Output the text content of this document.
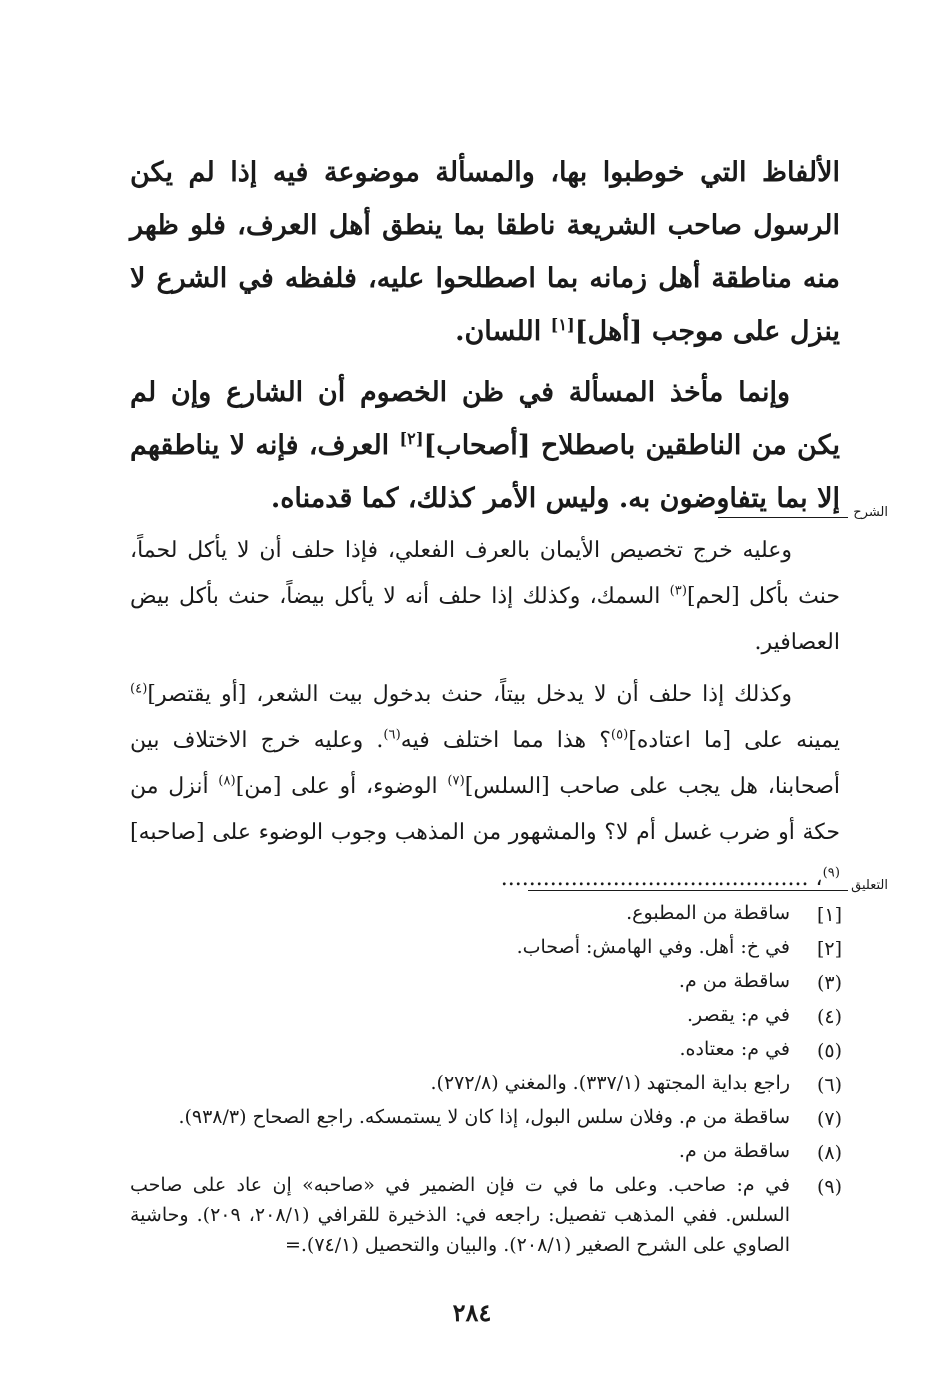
الألفاظ التي خوطبوا بها، والمسألة موضوعة فيه إذا لم يكن الرسول صاحب الشريعة ناطقا بما ينطق أهل العرف، فلو ظهر منه مناطقة أهل زمانه بما اصطلحوا عليه، فلفظه في الشرع لا ينزل على موجب [أهل][١] اللسان.

وإنما مأخذ المسألة في ظن الخصوم أن الشارع وإن لم يكن من الناطقين باصطلاح [أصحاب][٢] العرف، فإنه لا يناطقهم إلا بما يتفاوضون به. وليس الأمر كذلك، كما قدمناه. الشرح

وعليه خرج تخصيص الأيمان بالعرف الفعلي، فإذا حلف أن لا يأكل لحماً، حنث بأكل [لحم]$^{(٣)}$ السمك، وكذلك إذا حلف أنه لا يأكل بيضاً، حنث بأكل بيض العصافير.

وكذلك إذا حلف أن لا يدخل بيتاً، حنث بدخول بيت الشعر، [أو يقتصر]$^{(٤)}$ يمينه على [ما اعتاده]$^{(٥)}$؟ هذا مما اختلف فيه$^{(٦)}$. وعليه خرج الاختلاف بين أصحابنا، هل يجب على صاحب [السلس]$^{(٧)}$ الوضوء، أو على [من]$^{(٨)}$ أنزل من حكة أو ضرب غسل أم لا؟ والمشهور من المذهب وجوب الوضوء على [صاحبه]$^{(٩)}$، ............................................	التعليق
[١]
ساقطة من المطبوع.
[٢]
في خ: أهل. وفي الهامش: أصحاب.
(٣)
ساقطة من م.
(٤)
في م: يقصر.
(٥)
في م: معتاده.
(٦)
راجع بداية المجتهد (٣٣٧/١). والمغني (٢٧٢/٨).
(٧)
ساقطة من م. وفلان سلس البول، إذا كان لا يستمسكه. راجع الصحاح (٩٣٨/٣).
(٨)
ساقطة من م.
(٩)
في م: صاحب. وعلى ما في ت فإن الضمير في «صاحبه» إن عاد على صاحب السلس. ففي المذهب تفصيل: راجعه في: الذخيرة للقرافي (٢٠٨/١، ٢٠٩). وحاشية الصاوي على الشرح الصغير (٢٠٨/١). والبيان والتحصيل (٧٤/١).=
٢٨٤
